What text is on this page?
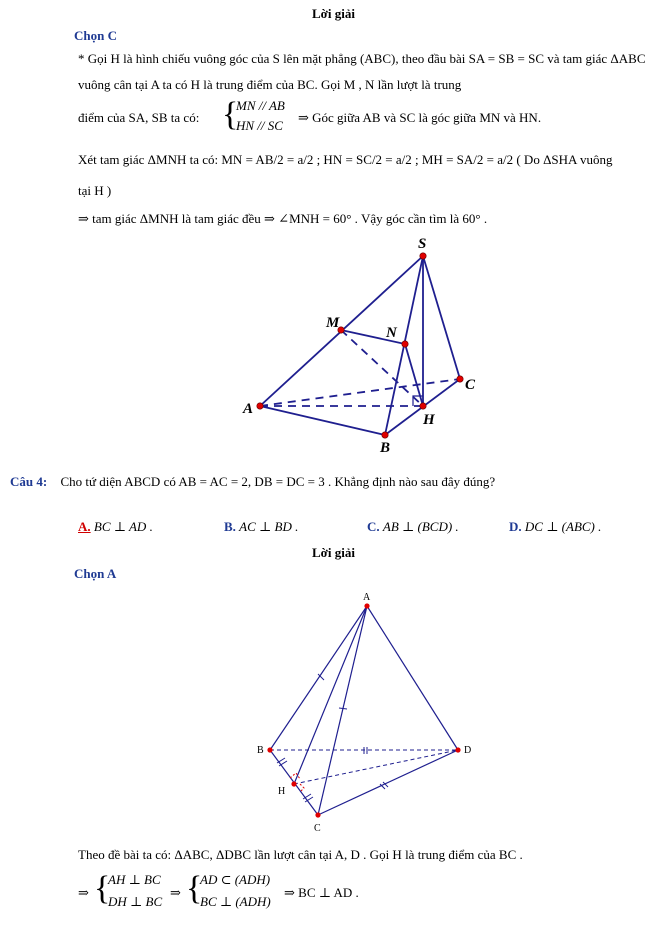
Lời giải
Chọn C
* Gọi H là hình chiếu vuông góc của S lên mặt phẳng (ABC), theo đầu bài SA = SB = SC và tam giác ΔABC vuông cân tại A ta có H là trung điểm của BC. Gọi M , N lần lượt là trung
điểm của SA, SB ta có: {
MN // AB
HN // SC
⇒ Góc giữa AB và SC là góc giữa MN và HN.
Xét tam giác ΔMNH ta có: MN = AB/2 = a/2 ; HN = SC/2 = a/2 ; MH = SA/2 = a/2 ( Do ΔSHA vuông
tại H )
⇒ tam giác ΔMNH là tam giác đều ⇒ ∠MNH = 60° . Vậy góc cần tìm là 60° .
S
M
N
C
A
H
B
Câu 4: Cho tứ diện ABCD có AB = AC = 2, DB = DC = 3 . Khẳng định nào sau đây đúng?
A. BC ⊥ AD .	B. AC ⊥ BD .	C. AB ⊥ (BCD) .	D. DC ⊥ (ABC) .
Lời giải
Chọn A
A
B	D
H
C
Theo đề bài ta có: ΔABC, ΔDBC lần lượt cân tại A, D . Gọi H là trung điểm của BC .
⇒ {
AH ⊥ BC
DH ⊥ BC
⇒ {
AD ⊂ (ADH)
BC ⊥ (ADH)
⇒ BC ⊥ AD .
